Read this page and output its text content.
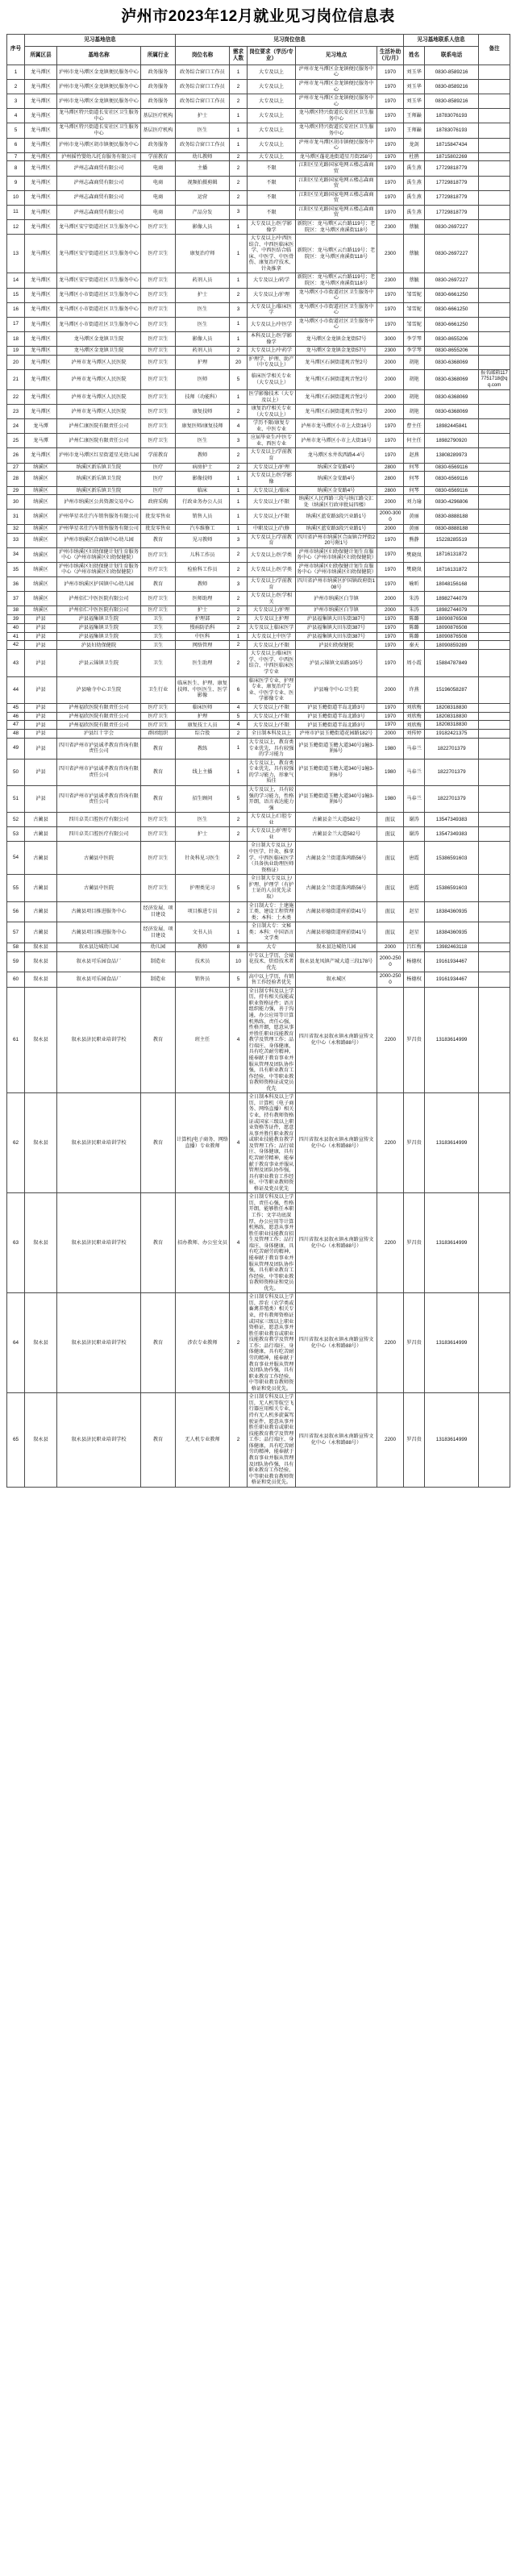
泸州市2023年12月就业见习岗位信息表
序号	见习基地信息			见习岗位信息					见习基地联系人信息		备注
	所属区县	基地名称	所属行业	岗位名称	需求人数	岗位要求（学历/专业）	见习地点	生活补助（元/月）	姓名	联系电话	
1	龙马潭区	泸州市龙马潭区金龙镇便民服务中心	政务服务	政务综合窗口工作员	1	大专及以上	泸州市龙马潭区金龙镇便民服务中心	1970	刘玉华	0830-8589216	
2	龙马潭区	泸州市龙马潭区金龙镇便民服务中心	政务服务	政务综合窗口工作员	2	大专及以上	泸州市龙马潭区金龙镇便民服务中心	1970	刘玉华	0830-8589216	
3	龙马潭区	泸州市龙马潭区金龙镇便民服务中心	政务服务	政务综合窗口工作员	2	大专及以上	泸州市龙马潭区金龙镇便民服务中心	1970	刘玉华	0830-8589216	
4	龙马潭区	龙马潭区特兴街道长安社区卫生服务中心	基层医疗机构	护士	1	大专及以上	龙马潭区特兴街道长安社区卫生服务中心	1970	王师巅	18783076193	
5	龙马潭区	龙马潭区特兴街道长安社区卫生服务中心	基层医疗机构	医生	1	大专及以上	龙马潭区特兴街道长安社区卫生服务中心	1970	王师巅	18783076193	
6	龙马潭区	泸州市龙马潭区胡市镇便民服务中心	政务服务	政务综合窗口工作员	1	大专及以上	泸州市龙马潭区胡市镇便民服务中心	1970	龙剑	18715847434	
7	龙马潭区	泸州摇竹婴幼儿托育服务有限公司	学前教育	幼儿教师	2	大专及以上	龙马潭区蓬花池街道星月街258号	1970	杜鹃	18715802269	
8	龙马潭区	泸州志森商贸有限公司	电商	主播	2	不限	江阳区星光路国家电网五楼志森商贸	1970	禹生燕	17729818779	
9	龙马潭区	泸州志森商贸有限公司	电商	视频拍摄剪辑	2	不限	江阳区星光路国家电网五楼志森商贸	1970	禹生燕	17729818779	
10	龙马潭区	泸州志森商贸有限公司	电商	运营	2	不限	江阳区星光路国家电网五楼志森商贸	1970	禹生燕	17729818779	
11	龙马潭区	泸州志森商贸有限公司	电商	产品分发	3	不限	江阳区星光路国家电网五楼志森商贸	1970	禹生燕	17729818779	
12	龙马潭区	龙马潭区安宁街道社区卫生服务中心	医疗卫生	影像人员	1	大专及以上/医学影像学	新院区：龙马潭区云台路119号；老院区：龙马潭区南溪街118号	2300	蔡毓	0830-2697227	
13	龙马潭区	龙马潭区安宁街道社区卫生服务中心	医疗卫生	康复治疗师	1	大专及以上/中西医结合、中西医临床医学、中西医结合临床、中医学、中医骨伤、康复治疗技术、针灸推拿	新院区：龙马潭区云台路119号；老院区：龙马潭区南溪街118号	2300	蔡毓	0830-2697227	
14	龙马潭区	龙马潭区安宁街道社区卫生服务中心	医疗卫生	药剂人员	1	大专及以上/药学	新院区：龙马潭区云台路119号；老院区：龙马潭区南溪街118号	2300	蔡毓	0830-2697227	
15	龙马潭区	龙马潭区小市街道社区卫生服务中心	医疗卫生	护士	2	大专及以上/护理	龙马潭区小市街道社区卫生服务中心	1970	邹雪妮	0830-6661250	
16	龙马潭区	龙马潭区小市街道社区卫生服务中心	医疗卫生	医生	3	大专及以上/临床医学	龙马潭区小市街道社区卫生服务中心	1970	邹雪妮	0830-6661250	
17	龙马潭区	龙马潭区小市街道社区卫生服务中心	医疗卫生	医生	1	大专及以上/中医学	龙马潭区小市街道社区卫生服务中心	1970	邹雪妮	0830-6661250	
18	龙马潭区	龙马潭区金龙镇卫生院	医疗卫生	影像人员	1	本科及以上/医学影像学	龙马潭区金龙镇金龙街57号	3000	李学琴	0830-8655206	
19	龙马潭区	龙马潭区金龙镇卫生院	医疗卫生	药剂人员	2	大专及以上/中药学	龙马潭区金龙镇金龙街57号	2300	李学琴	0830-8655206	
20	龙马潭区	泸州市龙马潭区人民医院	医疗卫生	护理	20	护理学、护理、助产（中专及以上）	龙马潭区石洞街道观音堡2号	2000	胡艳	0830-6368069	
21	龙马潭区	泸州市龙马潭区人民医院	医疗卫生	医师	5	临床医学相关专业（大专及以上）	龙马潭区石洞街道观音堡2号	2000	胡艳	0830-6368069	报名邮箱1177751718@qq.com
22	龙马潭区	泸州市龙马潭区人民医院	医疗卫生	技师（功能科）	1	医学影像技术（大专及以上）	龙马潭区石洞街道观音堡2号	2000	胡艳	0830-6368069	
23	龙马潭区	泸州市龙马潭区人民医院	医疗卫生	康复技师	2	康复治疗相关专业（大专及以上）	龙马潭区石洞街道观音堡2号	2000	胡艳	0830-6368069	
24	龙马潭	泸州仁康医院有限责任公司	医疗卫生	康复医师/康复技师	4	学历不限/康复专业、中医专业	泸州市龙马潭区小市上大街16号	1970	曹主任	18982445841	
25	龙马潭	泸州仁康医院有限责任公司	医疗卫生	医生	3	应届毕业生/中医专业、西医专业	泸州市龙马潭区小市上大街16号	1970	何主任	18982790920	
26	龙马潭区	泸州市龙马潭区红星街道星光幼儿园	学前教育	教师	2	大专及以上/学前教育	龙马潭区水井坎西路4-4号	1970	赵燕	13808289973	
27	纳溪区	纳溪区新乐镇卫生院	医疗	病房护士	2	大专及以上/护理	纳溪区金安路4号	2800	何琴	0830-6569116	
28	纳溪区	纳溪区新乐镇卫生院	医疗	影像技师	1	大专及以上/医学影像	纳溪区金安路4号	2800	何琴	0830-6569116	
29	纳溪区	纳溪区新乐镇卫生院	医疗	临床	1	大专及以上/临床	纳溪区金安路4号	2800	何琴	0830-6569116	
30	纳溪区	泸州市纳溪区公共资源交易中心	政府采购	行政业务办公人员	1	大专及以上/不限	纳溪区人民西路三段与纳江路交汇处（纳溪区行政审批局四楼）	2000	刘力瑜	0830-4296806	
31	纳溪区	泸州华星名仕汽车销售服务有限公司	批发零售业	销售人员	1	大专及以上/不限	纳溪区蓝安路3段兴业路1号	2000-3000	黄丽	0830-8888188	
32	纳溪区	泸州华星名仕汽车销售服务有限公司	批发零售业	汽车维修工	1	中职及以上/汽修	纳溪区蓝安路3段兴业路1号	2000	黄丽	0830-8888188	
33	纳溪区	泸州市纳溪区合面镇中心幼儿园	教育	见习教师	3	大专及以上/学前教育	四川省泸州市纳溪区合面镇合坪街220号附1号	1970	熊静	15228285519	
34	纳溪区	泸州市纳溪区妇幼保健计划生育服务中心（泸州市纳溪区妇幼保健院）	医疗卫生	儿科工作员	2	大专及以上/医学类	泸州市纳溪区妇幼保健计划生育服务中心（泸州市纳溪区妇幼保健院）	1970	樊晓岚	18716131872	
35	纳溪区	泸州市纳溪区妇幼保健计划生育服务中心（泸州市纳溪区妇幼保健院）	医疗卫生	检验科工作员	2	大专及以上/医学类	泸州市纳溪区妇幼保健计划生育服务中心（泸州市纳溪区妇幼保健院）	1970	樊晓岚	18716131872	
36	纳溪区	泸州市纳溪区护国镇中心幼儿园	教育	教师	3	大专及以上/学前教育	四川省泸州市纳溪区护国镇政府街108号	1970	喻昕	18048156168	
37	纳溪区	泸州佰仁中医医院有限公司	医疗卫生	医师助理	2	大专及以上/医学相关	泸州市纳溪区白节镇	2000	朱涛	18982744079	
38	纳溪区	泸州佰仁中医医院有限公司	医疗卫生	护士	2	大专及以上/护理	泸州市纳溪区白节镇	2000	朱涛	18982744079	
39	泸县	泸县福集镇卫生院	卫生	护理部	2	大专及以上护理	泸县福集镇大田东街387号	1970	陈璐	18090876508	
40	泸县	泸县福集镇卫生院	卫生	慢病防治科	2	大专及以上临床医学	泸县福集镇大田东街387号	1970	陈璐	18090876508	
41	泸县	泸县福集镇卫生院	卫生	中医科	1	大专及以上中医学	泸县福集镇大田东街387号	1970	陈璐	18090876508	
42	泸县	泸县妇幼保健院	卫生	网络管理	2	大专及以上/不限	泸县妇幼保健院	1970	秦天	18090859289	
43	泸县	泸县云锦镇卫生院	卫生	医生助理	2	大专及以上/临床医学、中医学、中西医结合、中西医临床医学专业	泸县云锦镇文庙路105号	1970	周小霞	15884787849	
44	泸县	泸县喻寺中心卫生院	卫生行业	临床医生、护理、康复技师、中医医生、医学影像	6	临床医学专业、护理专业、康复治疗专业、中医学专业、医学影像专业	泸县喻寺中心卫生院	2000	许燕	15196058287	
45	泸县	泸州福欣医院有限责任公司	医疗卫生	临床医师	4	大专及以上/不限	泸县玉蟾街道半岛北路3号	1970	刘欣梅	18208318830	
46	泸县	泸州福欣医院有限责任公司	医疗卫生	护理	5	大专及以上/不限	泸县玉蟾街道半岛北路3号	1970	刘欣梅	18208318830	
47	泸县	泸州福欣医院有限责任公司	医疗卫生	康复技士人员	4	大专及以上/不限	泸县玉蟾街道半岛北路3号	1970	刘欣梅	18208318830	
48	泸县	泸县红十字会	群团组织	综合股	2	全日制本科及以上	泸州市泸县玉蟾街道花园路182号	2000	刘传婷	19182421375	
49	泸县	四川省泸州市泸县诚孝教育咨询有限责任公司	教育	教练	1	大专及以上，教育类专业优先，具有较强的学习能力	泸县玉蟾街道玉蟾大道340号1幢3-附6号	1980	马春兰	1822701379	
50	泸县	四川省泸州市泸县诚孝教育咨询有限责任公司	教育	线上主播	1	大专及以上，教育类专业优先，具有较强的学习能力，形象气质佳	泸县玉蟾街道玉蟾大道340号1幢3-附6号	1980	马春兰	1822701379	
51	泸县	四川省泸州市泸县诚孝教育咨询有限责任公司	教育	招生顾问	5	大专及以上，具有较强的学习能力，性格开朗，语言表达能力强	泸县玉蟾街道玉蟾大道340号1幢3-附6号	1980	马春兰	1822701379	
52	古蔺县	四川卓美口腔医疗有限公司	医疗卫生	医生	2	大专及以上/口腔专业	古蔺县金兰大道582号	面议	谢涛	13547349383	
53	古蔺县	四川卓美口腔医疗有限公司	医疗卫生	护士	2	大专及以上/护理专业	古蔺县金兰大道582号	面议	谢涛	13547349383	
54	古蔺县	古蔺县中医院	医疗卫生	针灸科见习医生	2	全日制大专及以上/中医学、针灸、推拿学、中西医临床医学（具备执业助理医师资格证）	古蔺县金兰街道落鸿路56号	面议	唐霞	15386591603	
55	古蔺县	古蔺县中医院	医疗卫生	护理类见习	5	全日制大专及以上/护理、护理学（有护士证的人员优先录取）	古蔺县金兰街道落鸿路56号	面议	唐霞	15386591603	
56	古蔺县	古蔺县项目推进服务中心	经济发展、项目建设	项目推进专员	2	全日制大专：土建施工类、建设工程管理类；本科：土木类	古蔺县彰德街道府前街41号	面议	赵星	18384360935	
57	古蔺县	古蔺县项目推进服务中心	经济发展、项目建设	文书人员	1	全日制大专：文秘类；本科：中国语言文学类	古蔺县彰德街道府前街41号	面议	赵星	18384360935	
58	叙永县	叙永县边城幼儿园	幼儿园	教师	8	大专	叙永县边城幼儿园	2000	吕红梅	13982463118	
59	叙永县	叙永县可乐园食品厂	制造业	技术员	10	中专以上学历，会裱花技术、烘焙技术者优先	叙永县龙凤镇产城大道三段178号	2000-2500	杨德权	19161934467	
60	叙永县	叙永县可乐园食品厂	制造业	销售员	5	高中以上学历，有销售工作经验者优先	叙永城区	2000-2500	杨德权	19161934467	
61	叙永县	叙永县济民职业培训学校	教育	班主任	4	全日制专科及以上学历，持有相关技能或职业资格证件；语言组织能力强，善于沟通，办公应用等计算机熟练，责任心强，性格开朗，愿意从事并胜任职业技能教育教学及管理工作；品行端庄、身体健康，具有吃苦耐劳精神，能奉献于教育事业并服从管理及团队协作强，具有职业教育工作经验、中等职业教育教师资格证或党员优先	四川省叙永县叙永镇永南路宣传文化中心（永和路88号）	2200	罗昌贵	13183614999	
62	叙永县	叙永县济民职业培训学校	教育	计算机(电子商务、网络直播）专业教师	4	全日制本科及以上学历，计算机（电子商务、网络直播）相关专业，持有教师资格证或国家三级以上职业资格等证件，愿意从事并胜任职业教育或职业技能教育教学及管理工作；品行端庄、身体健康，具有吃苦耐劳精神，能奉献于教育事业并服从管理及团队协作强，具有职业教育工作经验、中等职业教师资格证及党员优先	四川省叙永县叙永镇永南路宣传文化中心（永和路88号）	2200	罗昌贵	13183614999	
63	叙永县	叙永县济民职业培训学校	教育	招办教师、办公室文员	4	全日制专科及以上学历，责任心强，性格开朗，能够胜任本职工作；文字功底深厚，办公应用等计算机熟练，愿意从事并胜任职业技能教育招生及管理工作；品行端庄、身体健康，具有吃苦耐劳的精神，能奉献于教育事业并服从管理及团队协作强，具有职业教育工作经验、中等职业教育教师资格证和党员优先。	四川省叙永县叙永镇永南路宣传文化中心（永和路88号）	2200	罗昌贵	13183614999	
64	叙永县	叙永县济民职业培训学校	教育	涉农专业教师	2	全日制专科及以上学历，涉农（农学类或畜禽养殖类）相关专业，持有教师资格证或国家三级以上职业资格证，愿意从事并胜任职业教育或职业技能教育教学及管理工作；品行端庄、身体健康，具有吃苦耐劳的精神，能奉献于教育事业并服从管理及团队协作强，具有职业教育工作经验、中等职业教育教师资格证和党员优先。	四川省叙永县叙永镇永南路宣传文化中心（永和路88号）	2200	罗昌贵	13183614999	
65	叙永县	叙永县济民职业培训学校	教育	无人机专业教师	2	全日制专科及以上学历，无人机等航空飞行器应用相关专业，持有无人机多旋翼驾驶证件，愿意从事并胜任职业教育或职业技能教育教学及管理工作；品行端庄、身体健康，具有吃苦耐劳的精神，能奉献于教育事业并服从管理及团队协作强，具有职业教育工作经验、中等职业教育教师资格证和党员优先。	四川省叙永县叙永镇永南路宣传文化中心（永和路88号）	2200	罗昌贵	13183614999	
